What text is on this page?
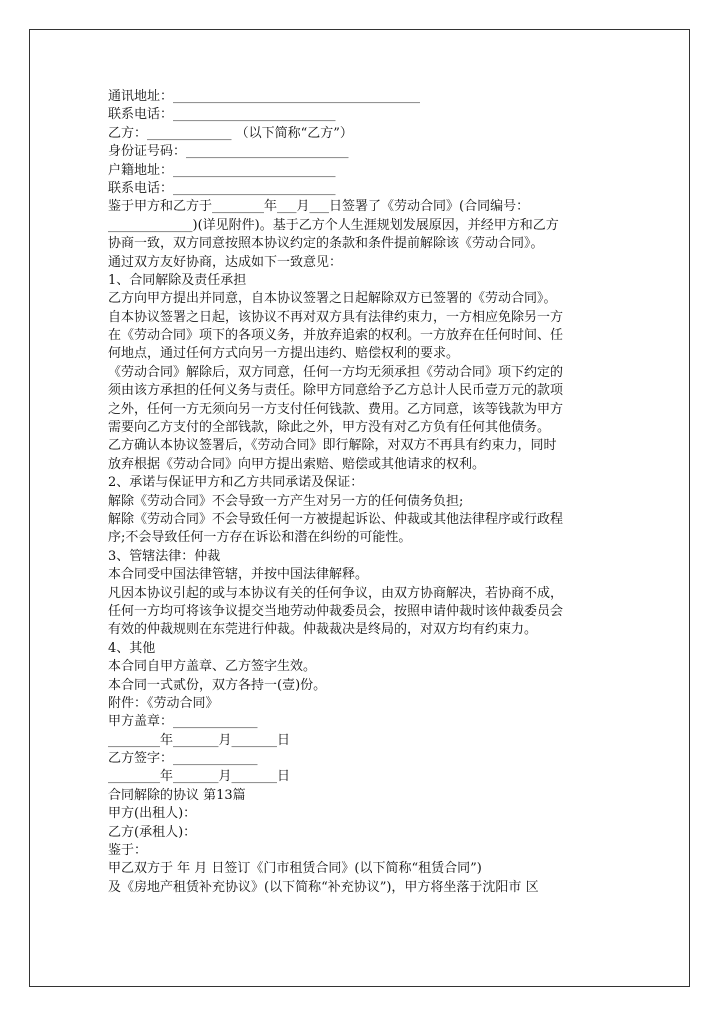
通讯地址：______________________________________
联系电话：_________________________
乙方：_____________ （以下简称“乙方”）
身份证号码：_________________________
户籍地址：_________________________
联系电话：_________________________
鉴于甲方和乙方于________年___月___日签署了《劳动合同》(合同编号：
_____________)(详见附件)。基于乙方个人生涯规划发展原因，并经甲方和乙方
协商一致，双方同意按照本协议约定的条款和条件提前解除该《劳动合同》。
通过双方友好协商，达成如下一致意见：
1、合同解除及责任承担
乙方向甲方提出并同意，自本协议签署之日起解除双方已签署的《劳动合同》。
自本协议签署之日起，该协议不再对双方具有法律约束力，一方相应免除另一方
在《劳动合同》项下的各项义务，并放弃追索的权利。一方放弃在任何时间、任
何地点，通过任何方式向另一方提出违约、赔偿权利的要求。
《劳动合同》解除后，双方同意，任何一方均无须承担《劳动合同》项下约定的
须由该方承担的任何义务与责任。除甲方同意给予乙方总计人民币壹万元的款项
之外，任何一方无须向另一方支付任何钱款、费用。乙方同意，该等钱款为甲方
需要向乙方支付的全部钱款，除此之外，甲方没有对乙方负有任何其他债务。
乙方确认本协议签署后，《劳动合同》即行解除，对双方不再具有约束力，同时
放弃根据《劳动合同》向甲方提出索赔、赔偿或其他请求的权利。
2、承诺与保证甲方和乙方共同承诺及保证：
解除《劳动合同》不会导致一方产生对另一方的任何债务负担;
解除《劳动合同》不会导致任何一方被提起诉讼、仲裁或其他法律程序或行政程
序;不会导致任何一方存在诉讼和潜在纠纷的可能性。
3、管辖法律：仲裁
本合同受中国法律管辖，并按中国法律解释。
凡因本协议引起的或与本协议有关的任何争议，由双方协商解决，若协商不成，
任何一方均可将该争议提交当地劳动仲裁委员会，按照申请仲裁时该仲裁委员会
有效的仲裁规则在东莞进行仲裁。仲裁裁决是终局的，对双方均有约束力。
4、其他
本合同自甲方盖章、乙方签字生效。
本合同一式贰份，双方各持一(壹)份。
附件：《劳动合同》
甲方盖章：_____________
________年_______月_______日
乙方签字：_____________
________年_______月_______日
合同解除的协议 第13篇
甲方(出租人)：
乙方(承租人)：
鉴于：
甲乙双方于 年 月 日签订《门市租赁合同》(以下简称“租赁合同”)
及《房地产租赁补充协议》(以下简称“补充协议”)，甲方将坐落于沈阳市 区
